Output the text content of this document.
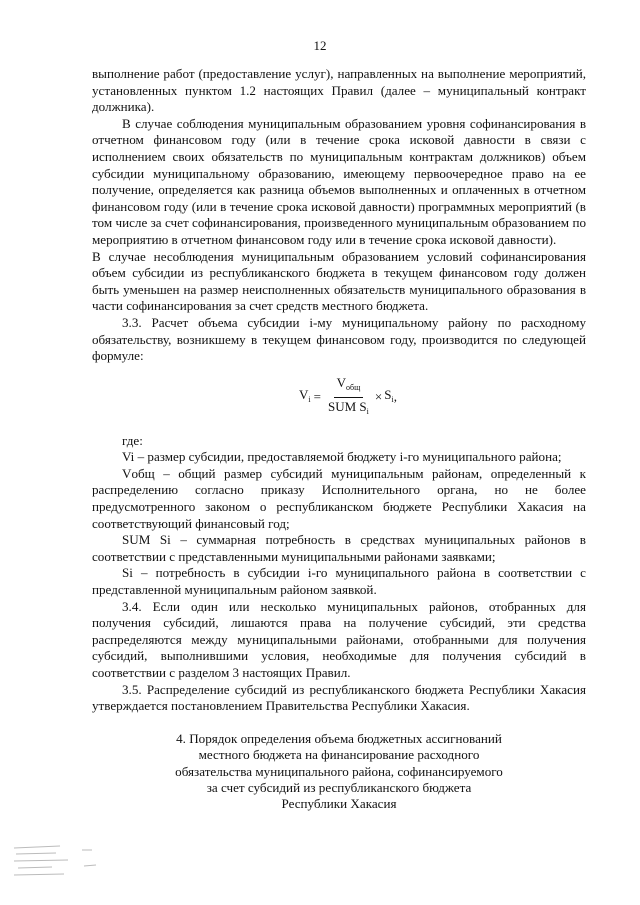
12

выполнение работ (предоставление услуг), направленных на выполнение мероприятий, установленных пунктом 1.2 настоящих Правил (далее – муниципальный контракт должника).

В случае соблюдения муниципальным образованием уровня софинансирования в отчетном финансовом году (или в течение срока исковой давности в связи с исполнением своих обязательств по муниципальным контрактам должников) объем субсидии муниципальному образованию, имеющему первоочередное право на ее получение, определяется как разница объемов выполненных и оплаченных в отчетном финансовом году (или в течение срока исковой давности) программных мероприятий (в том числе за счет софинансирования, произведенного муниципальным образованием по мероприятию в отчетном финансовом году или в течение срока исковой давности).

В случае несоблюдения муниципальным образованием условий софинансирования объем субсидии из республиканского бюджета в текущем финансовом году должен быть уменьшен на размер неисполненных обязательств муниципального образования в части софинансирования за счет средств местного бюджета.

3.3. Расчет объема субсидии i-му муниципальному району по расходному обязательству, возникшему в текущем финансовом году, производится по следующей формуле:

$V_i = \frac{V_{общ}}{SUM S_i} \times S_i$ ,

где:

Vi – размер субсидии, предоставляемой бюджету i-го муниципального района;

Vобщ – общий размер субсидий муниципальным районам, определенный к распределению согласно приказу Исполнительного органа, но не более предусмотренного законом о республиканском бюджете Республики Хакасия на соответствующий финансовый год;

SUM Si – суммарная потребность в средствах муниципальных районов в соответствии с представленными муниципальными районами заявками;

Si – потребность в субсидии i-го муниципального района в соответствии с представленной муниципальным районом заявкой.

3.4. Если один или несколько муниципальных районов, отобранных для получения субсидий, лишаются права на получение субсидий, эти средства распределяются между муниципальными районами, отобранными для получения субсидий, выполнившими условия, необходимые для получения субсидий в соответствии с разделом 3 настоящих Правил.

3.5. Распределение субсидий из республиканского бюджета Республики Хакасия утверждается постановлением Правительства Республики Хакасия.

4. Порядок определения объема бюджетных ассигнований
местного бюджета на финансирование расходного
обязательства муниципального района, софинансируемого
за счет субсидий из республиканского бюджета
Республики Хакасия
